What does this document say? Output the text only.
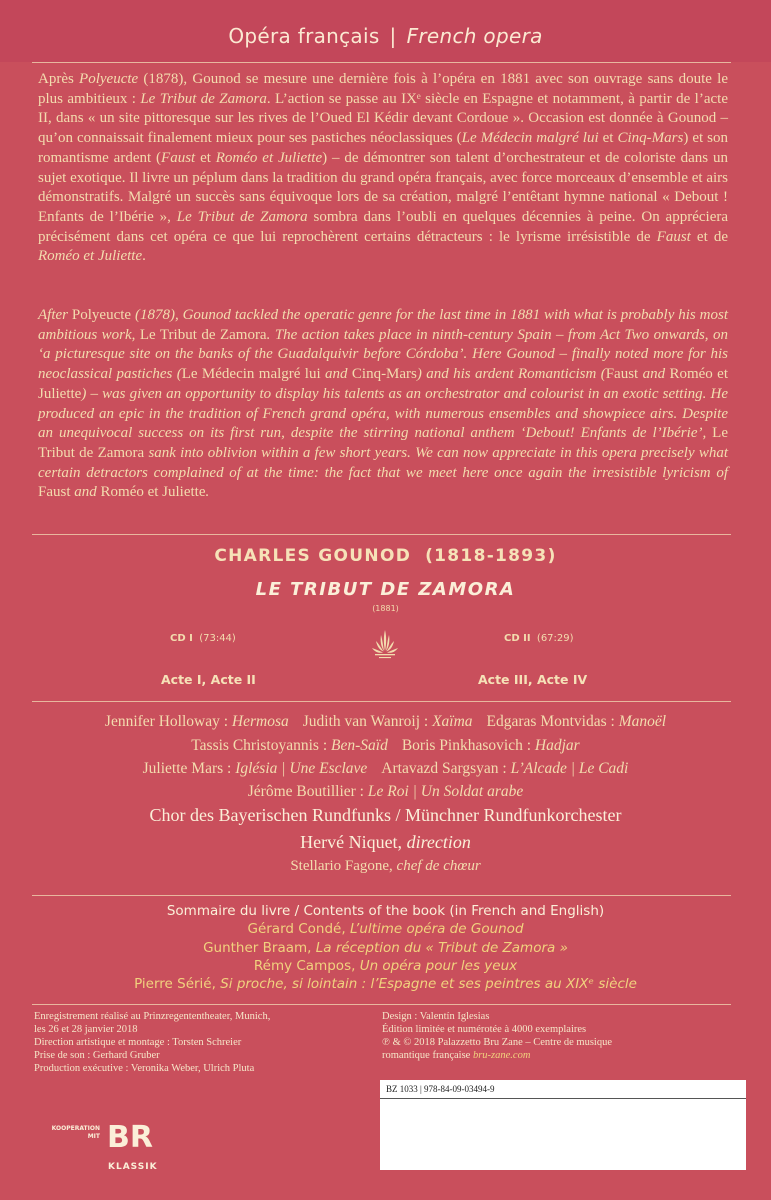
Opéra français | French opera
Après Polyeucte (1878), Gounod se mesure une dernière fois à l’opéra en 1881 avec son ouvrage sans doute le plus ambitieux : Le Tribut de Zamora. L’action se passe au IXᵉ siècle en Espagne et notamment, à partir de l’acte II, dans « un site pittoresque sur les rives de l’Oued El Kédir devant Cordoue ». Occasion est donnée à Gounod – qu’on connaissait finalement mieux pour ses pastiches néoclassiques (Le Médecin malgré lui et Cinq-Mars) et son romantisme ardent (Faust et Roméo et Juliette) – de démontrer son talent d’orchestrateur et de coloriste dans un sujet exotique. Il livre un péplum dans la tradition du grand opéra français, avec force morceaux d’ensemble et airs démonstratifs. Malgré un succès sans équivoque lors de sa création, malgré l’entêtant hymne national « Debout ! Enfants de l’Ibérie », Le Tribut de Zamora sombra dans l’oubli en quelques décennies à peine. On appréciera précisément dans cet opéra ce que lui reprochèrent certains détracteurs : le lyrisme irrésistible de Faust et de Roméo et Juliette.
After Polyeucte (1878), Gounod tackled the operatic genre for the last time in 1881 with what is probably his most ambitious work, Le Tribut de Zamora. The action takes place in ninth-century Spain – from Act Two onwards, on ‘a picturesque site on the banks of the Guadalquivir before Córdoba’. Here Gounod – finally noted more for his neoclassical pastiches (Le Médecin malgré lui and Cinq-Mars) and his ardent Romanticism (Faust and Roméo et Juliette) – was given an opportunity to display his talents as an orchestrator and colourist in an exotic setting. He produced an epic in the tradition of French grand opéra, with numerous ensembles and showpiece airs. Despite an unequivocal success on its first run, despite the stirring national anthem ‘Debout! Enfants de l’Ibérie’, Le Tribut de Zamora sank into oblivion within a few short years. We can now appreciate in this opera precisely what certain detractors complained of at the time: the fact that we meet here once again the irresistible lyricism of Faust and Roméo et Juliette.
CHARLES GOUNOD (1818-1893)
LE TRIBUT DE ZAMORA
(1881)
CD I (73:44)	CD II (67:29)
Acte I, Acte II	Acte III, Acte IV
Jennifer Holloway : Hermosa Judith van Wanroij : Xaïma Edgaras Montvidas : Manoël
Tassis Christoyannis : Ben-Saïd Boris Pinkhasovich : Hadjar
Juliette Mars : Iglésia | Une Esclave Artavazd Sargsyan : L’Alcade | Le Cadi
Jérôme Boutillier : Le Roi | Un Soldat arabe
Chor des Bayerischen Rundfunks / Münchner Rundfunkorchester
Hervé Niquet, direction
Stellario Fagone, chef de chœur
Sommaire du livre / Contents of the book (in French and English)
Gérard Condé, L’ultime opéra de Gounod
Gunther Braam, La réception du « Tribut de Zamora »
Rémy Campos, Un opéra pour les yeux
Pierre Sérié, Si proche, si lointain : l’Espagne et ses peintres au XIXᵉ siècle
Enregistrement réalisé au Prinzregententheater, Munich,
les 26 et 28 janvier 2018
Direction artistique et montage : Torsten Schreier
Prise de son : Gerhard Gruber
Production exécutive : Veronika Weber, Ulrich Pluta
Design : Valentín Iglesias
Édition limitée et numérotée à 4000 exemplaires
℗ & © 2018 Palazzetto Bru Zane – Centre de musique
romantique française bru-zane.com
BZ 1033 | 978-84-09-03494-9
KOOPERATION MIT BR
KLASSIK
